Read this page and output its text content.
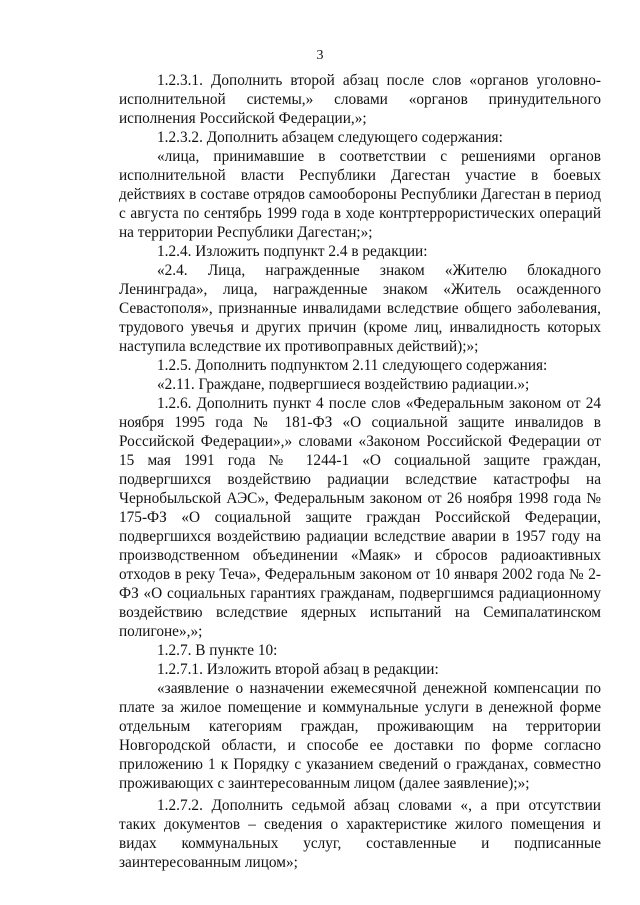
3

1.2.3.1. Дополнить второй абзац после слов «органов уголовно-исполнительной системы,» словами «органов принудительного исполнения Российской Федерации,»;

1.2.3.2. Дополнить абзацем следующего содержания:

«лица, принимавшие в соответствии с решениями органов исполнительной власти Республики Дагестан участие в боевых действиях в составе отрядов самообороны Республики Дагестан в период с августа по сентябрь 1999 года в ходе контртеррористических операций на территории Республики Дагестан;»;

1.2.4. Изложить подпункт 2.4 в редакции:

«2.4. Лица, награжденные знаком «Жителю блокадного Ленинграда», лица, награжденные знаком «Житель осажденного Севастополя», признанные инвалидами вследствие общего заболевания, трудового увечья и других причин (кроме лиц, инвалидность которых наступила вследствие их противоправных действий);»;

1.2.5. Дополнить подпунктом 2.11 следующего содержания:

«2.11. Граждане, подвергшиеся воздействию радиации.»;

1.2.6. Дополнить пункт 4 после слов «Федеральным законом от 24 ноября 1995 года № 181-ФЗ «О социальной защите инвалидов в Российской Федерации»,» словами «Законом Российской Федерации от 15 мая 1991 года № 1244-1 «О социальной защите граждан, подвергшихся воздействию радиации вследствие катастрофы на Чернобыльской АЭС», Федеральным законом от 26 ноября 1998 года № 175-ФЗ «О социальной защите граждан Российской Федерации, подвергшихся воздействию радиации вследствие аварии в 1957 году на производственном объединении «Маяк» и сбросов радиоактивных отходов в реку Теча», Федеральным законом от 10 января 2002 года № 2-ФЗ «О социальных гарантиях гражданам, подвергшимся радиационному воздействию вследствие ядерных испытаний на Семипалатинском полигоне»,»;

1.2.7. В пункте 10:

1.2.7.1. Изложить второй абзац в редакции:

«заявление о назначении ежемесячной денежной компенсации по плате за жилое помещение и коммунальные услуги в денежной форме отдельным категориям граждан, проживающим на территории Новгородской области, и способе ее доставки по форме согласно приложению 1 к Порядку с указанием сведений о гражданах, совместно проживающих с заинтересованным лицом (далее заявление);»;

1.2.7.2. Дополнить седьмой абзац словами «, а при отсутствии таких документов – сведения о характеристике жилого помещения и видах коммунальных услуг, составленные и подписанные заинтересованным лицом»;
